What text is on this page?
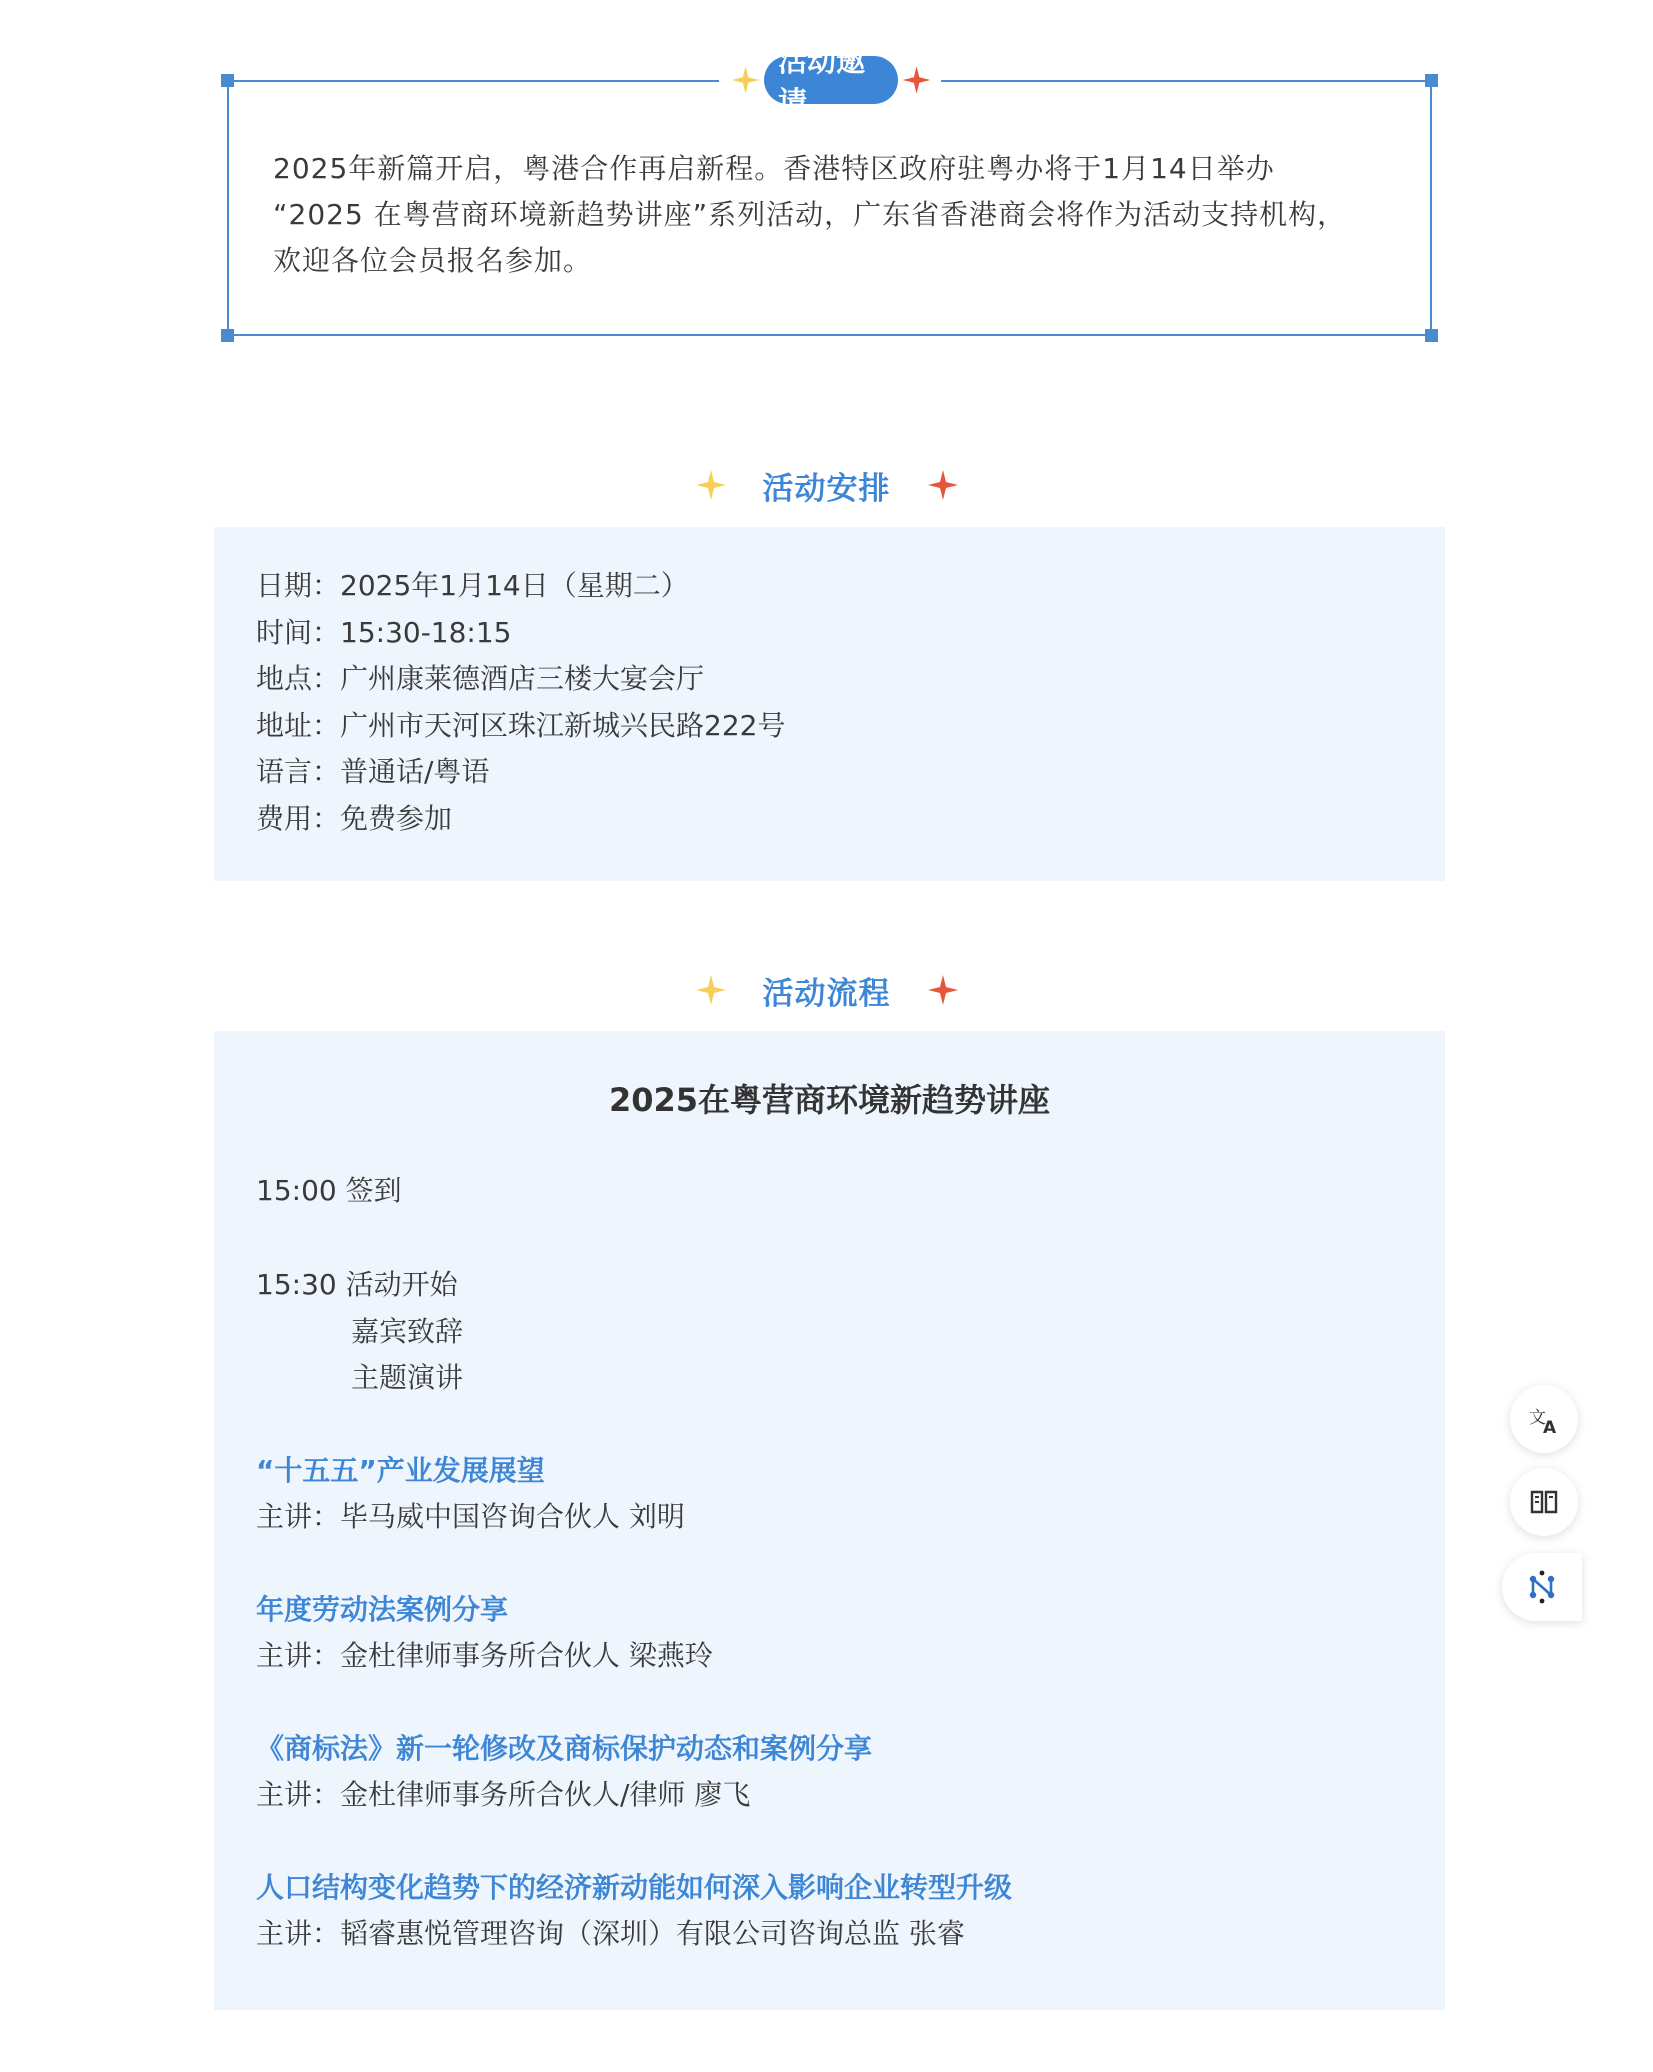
活动邀请
2025年新篇开启，粤港合作再启新程。香港特区政府驻粤办将于1月14日举办
“2025 在粤营商环境新趋势讲座”系列活动，广东省香港商会将作为活动支持机构，
欢迎各位会员报名参加。
活动安排
日期：2025年1月14日（星期二）
时间：15:30-18:15
地点：广州康莱德酒店三楼大宴会厅
地址：广州市天河区珠江新城兴民路222号
语言：普通话/粤语
费用：免费参加
活动流程
2025在粤营商环境新趋势讲座
15:00 签到
15:30 活动开始
嘉宾致辞
主题演讲
“十五五”产业发展展望
主讲：毕马威中国咨询合伙人 刘明
年度劳动法案例分享
主讲：金杜律师事务所合伙人 梁燕玲
《商标法》新一轮修改及商标保护动态和案例分享
主讲：金杜律师事务所合伙人/律师 廖飞
人口结构变化趋势下的经济新动能如何深入影响企业转型升级
主讲：韬睿惠悦管理咨询（深圳）有限公司咨询总监 张睿
文
A
